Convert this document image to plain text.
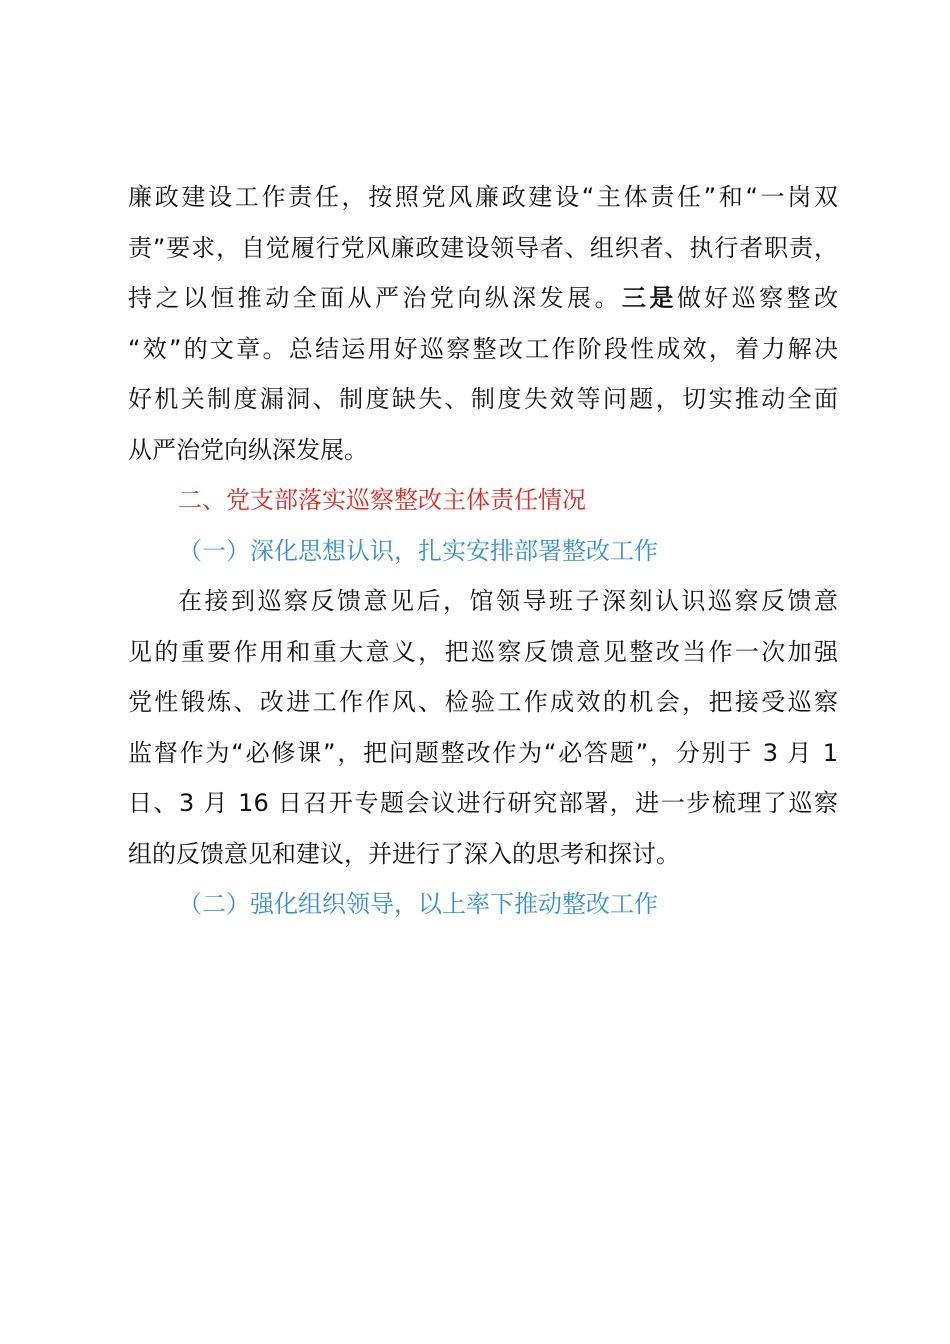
廉政建设工作责任，按照党风廉政建设“主体责任”和“一岗双
责”要求，自觉履行党风廉政建设领导者、组织者、执行者职责，
持之以恒推动全面从严治党向纵深发展。三是做好巡察整改
“效”的文章。总结运用好巡察整改工作阶段性成效，着力解决
好机关制度漏洞、制度缺失、制度失效等问题，切实推动全面
从严治党向纵深发展。
二、党支部落实巡察整改主体责任情况
（一）深化思想认识，扎实安排部署整改工作
在接到巡察反馈意见后，馆领导班子深刻认识巡察反馈意
见的重要作用和重大意义，把巡察反馈意见整改当作一次加强
党性锻炼、改进工作作风、检验工作成效的机会，把接受巡察
监督作为“必修课”，把问题整改作为“必答题”，分别于 3 月 1
日、3 月 16 日召开专题会议进行研究部署，进一步梳理了巡察
组的反馈意见和建议，并进行了深入的思考和探讨。
（二）强化组织领导，以上率下推动整改工作
